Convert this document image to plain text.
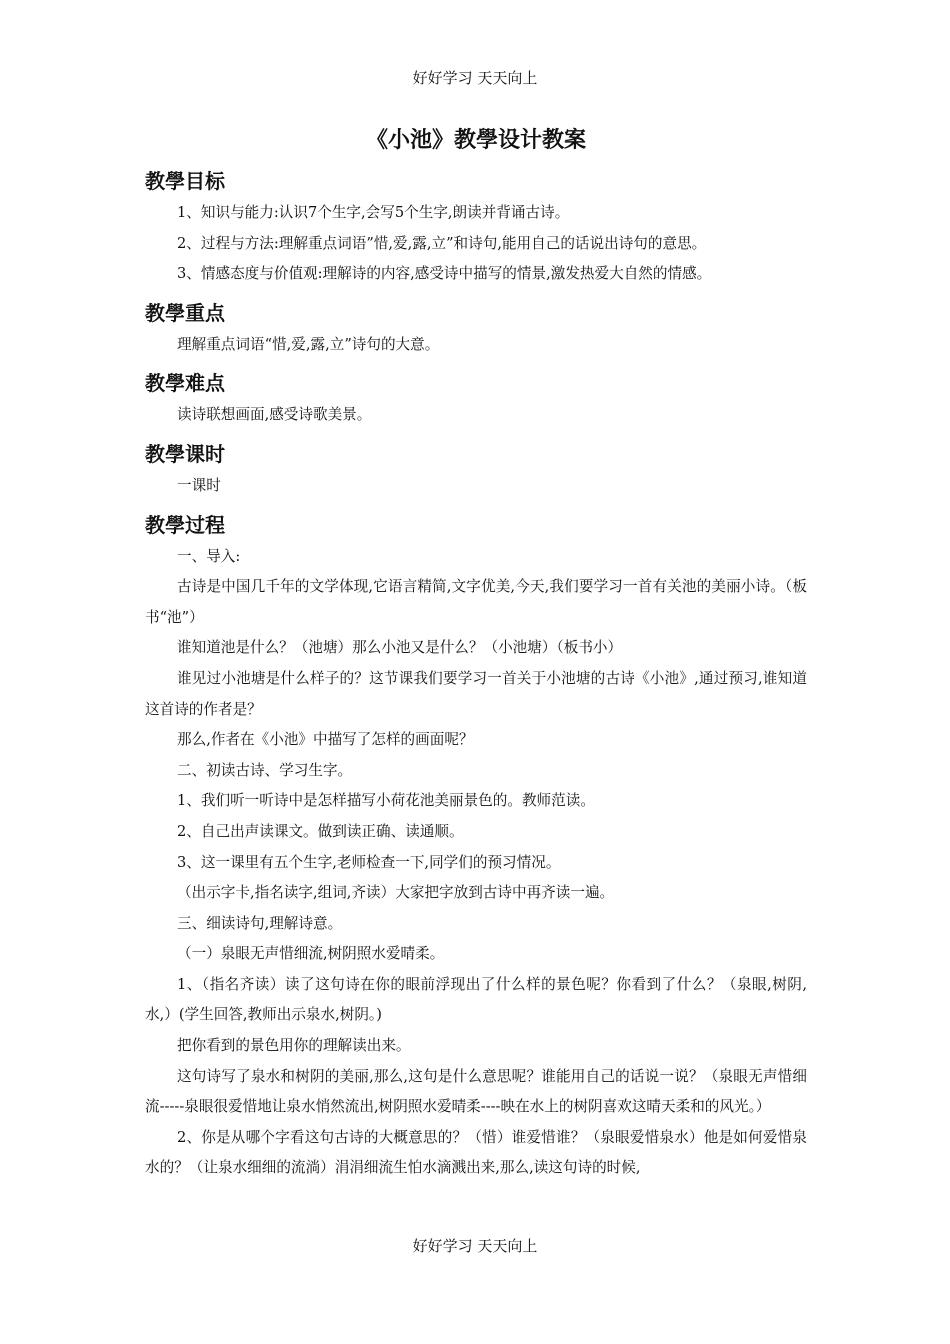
好好学习 天天向上
《小池》教學设计教案
教學目标

1、知识与能力:认识7个生字,会写5个生字,朗读并背诵古诗。

2、过程与方法:理解重点词语”惜,爱,露,立”和诗句,能用自己的话说出诗句的意思。

3、情感态度与价值观:理解诗的内容,感受诗中描写的情景,激发热爱大自然的情感。

教學重点

理解重点词语“惜,爱,露,立”诗句的大意。

教學难点

读诗联想画面,感受诗歌美景。

教學课时

一课时

教學过程

一、导入:

古诗是中国几千年的文学体现,它语言精简,文字优美,今天,我们要学习一首有关池的美丽小诗。（板书“池”）

谁知道池是什么？（池塘）那么小池又是什么？（小池塘）（板书小）

谁见过小池塘是什么样子的？这节课我们要学习一首关于小池塘的古诗《小池》,通过预习,谁知道这首诗的作者是？

那么,作者在《小池》中描写了怎样的画面呢？

二、初读古诗、学习生字。

1、我们听一听诗中是怎样描写小荷花池美丽景色的。教师范读。

2、自己出声读课文。做到读正确、读通顺。

3、这一课里有五个生字,老师检查一下,同学们的预习情况。

（出示字卡,指名读字,组词,齐读）大家把字放到古诗中再齐读一遍。

三、细读诗句,理解诗意。

（一）泉眼无声惜细流,树阴照水爱晴柔。

1、（指名齐读）读了这句诗在你的眼前浮现出了什么样的景色呢？你看到了什么？（泉眼,树阴,水,）(学生回答,教师出示泉水,树阴。)

把你看到的景色用你的理解读出来。

这句诗写了泉水和树阴的美丽,那么,这句是什么意思呢？谁能用自己的话说一说？（泉眼无声惜细流-----泉眼很爱惜地让泉水悄然流出,树阴照水爱晴柔----映在水上的树阴喜欢这晴天柔和的风光。）

2、你是从哪个字看这句古诗的大概意思的？（惜）谁爱惜谁？（泉眼爱惜泉水）他是如何爱惜泉水的？（让泉水细细的流淌）涓涓细流生怕水滴溅出来,那么,读这句诗的时候,

好好学习 天天向上
